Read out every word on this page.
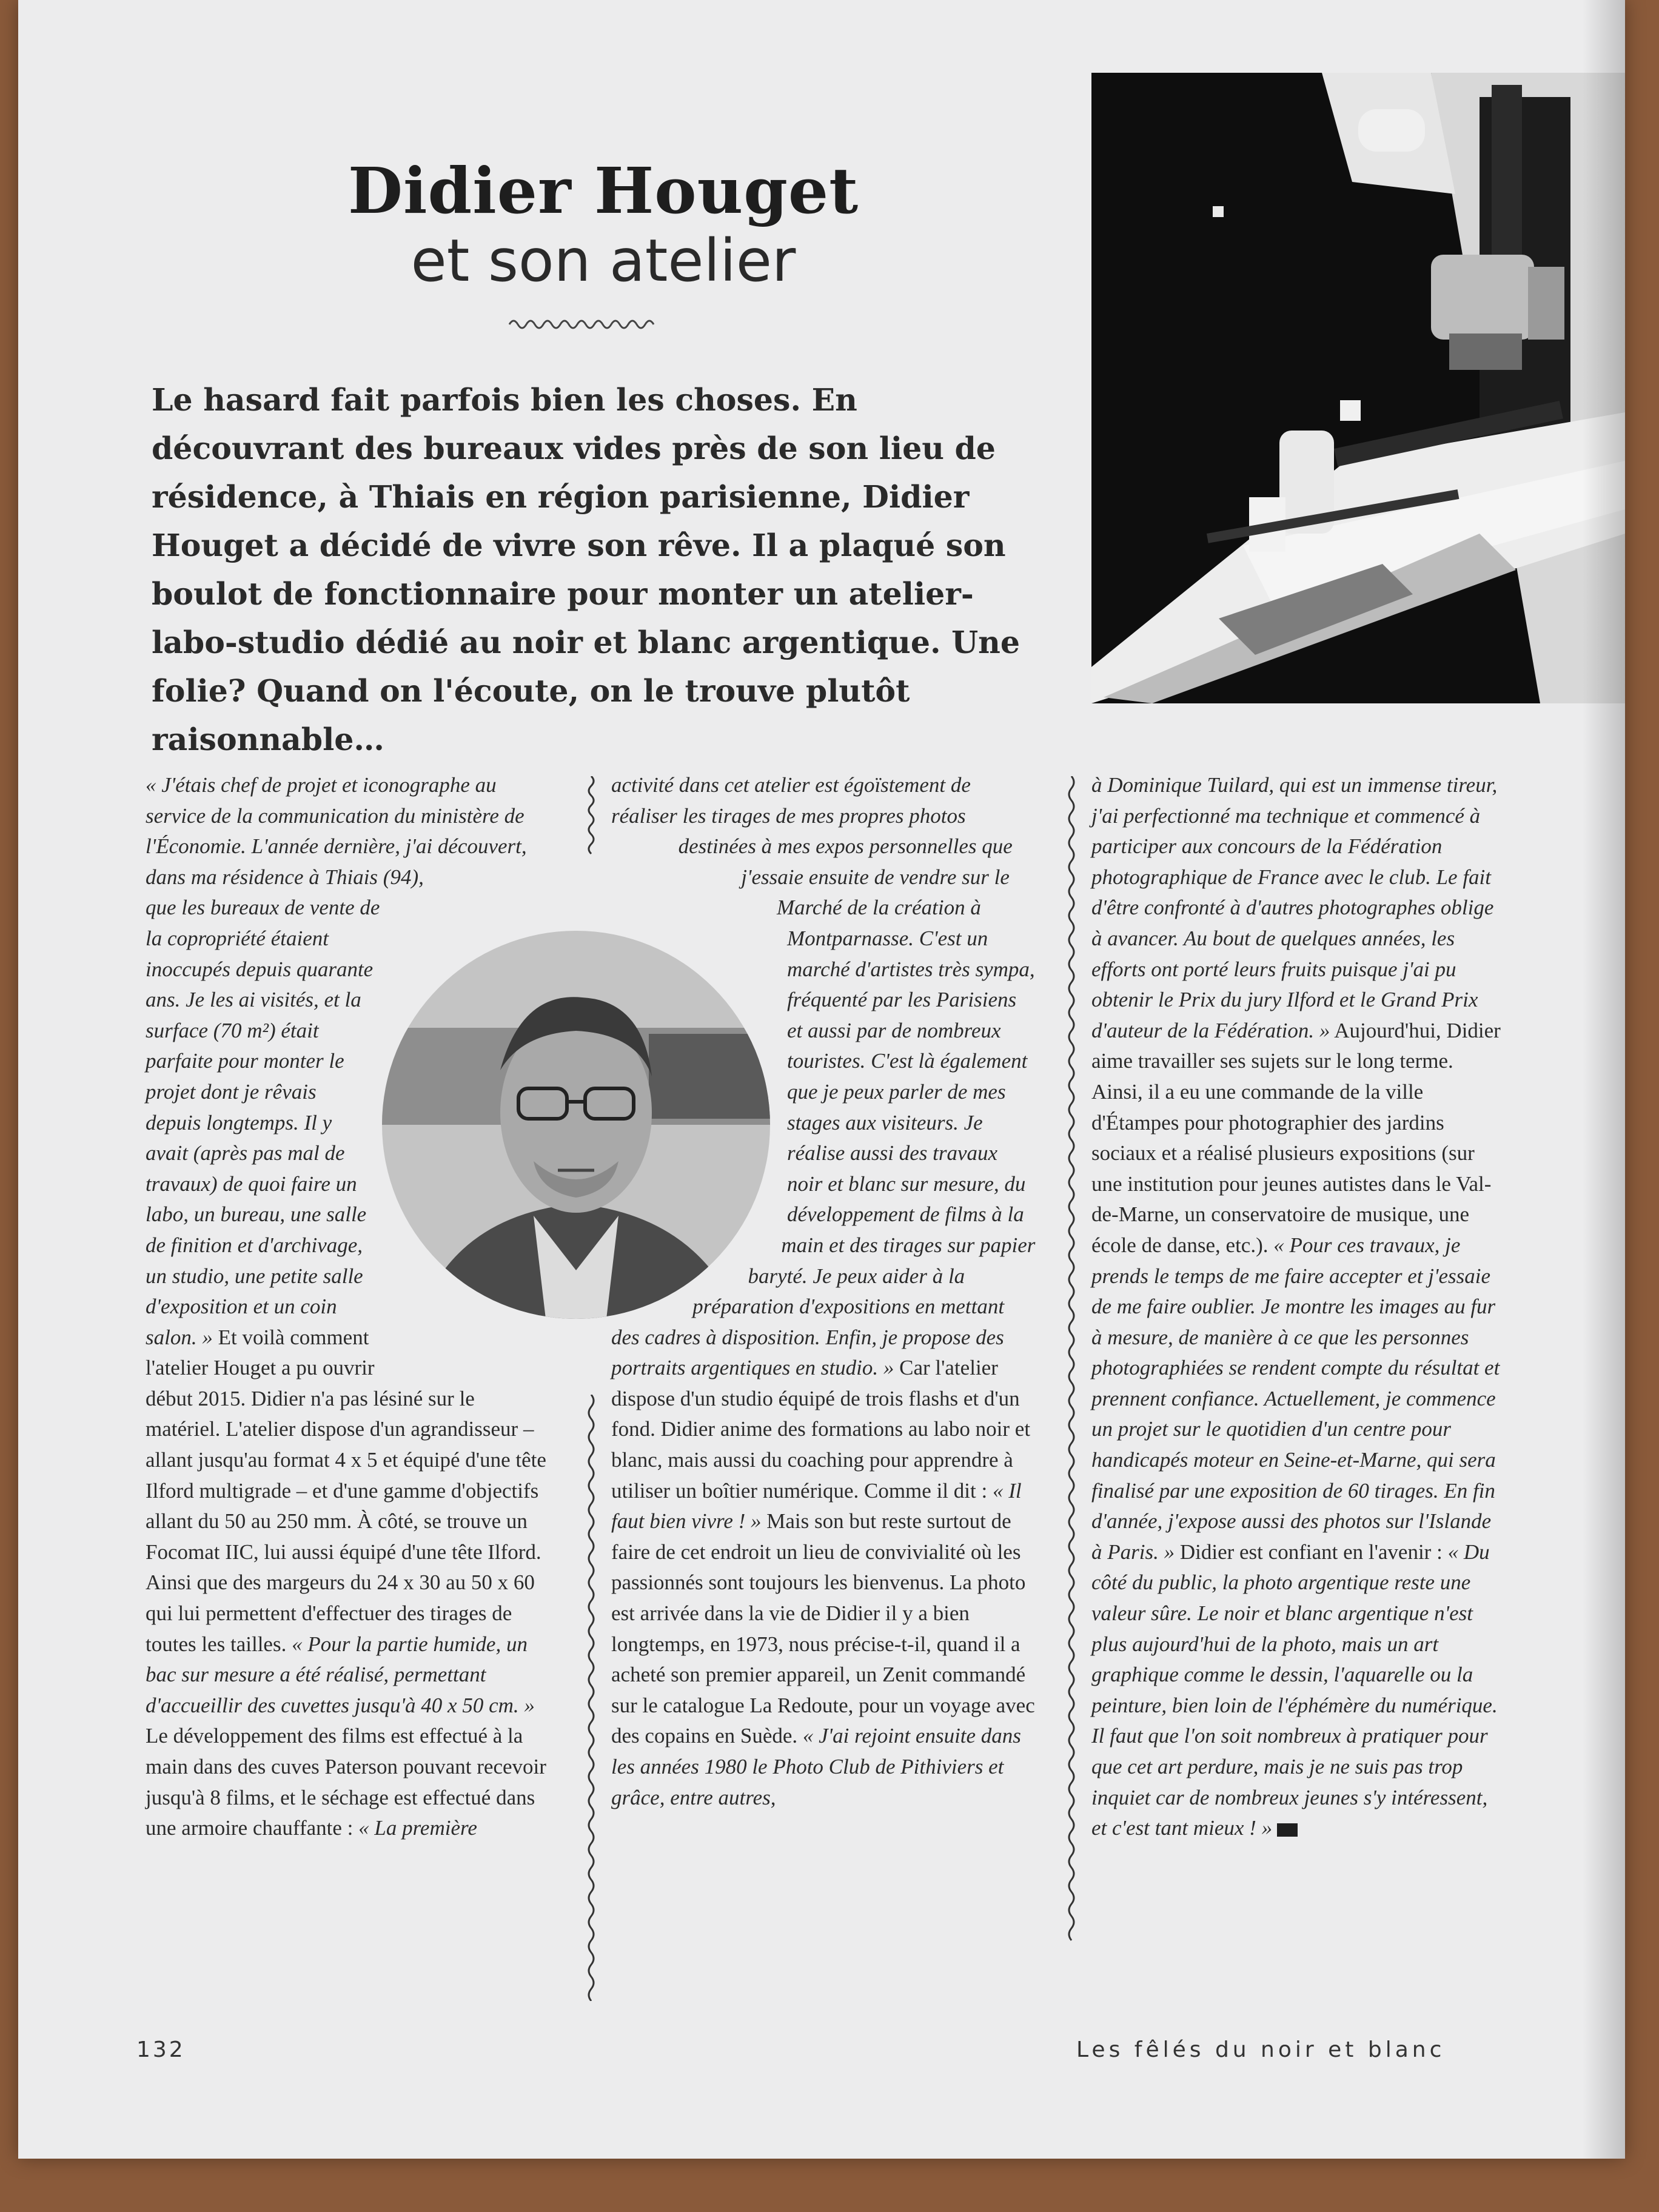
Didier Houget
et son atelier
Le hasard fait parfois bien les choses. En découvrant des bureaux vides près de son lieu de résidence, à Thiais en région parisienne, Didier Houget a décidé de vivre son rêve. Il a plaqué son boulot de fonctionnaire pour monter un atelier-labo-studio dédié au noir et blanc argentique. Une folie? Quand on l'écoute, on le trouve plutôt raisonnable…

« J'étais chef de projet et iconographe au service de la communication du ministère de l'Économie. L'année dernière, j'ai découvert, dans ma résidence à Thiais (94), que les bureaux de vente de la copropriété étaient inoccupés depuis quarante ans. Je les ai visités, et la surface (70 m²) était parfaite pour monter le projet dont je rêvais depuis longtemps. Il y avait (après pas mal de travaux) de quoi faire un labo, un bureau, une salle de finition et d'archivage, un studio, une petite salle d'exposition et un coin salon. » Et voilà comment l'atelier Houget a pu ouvrir début 2015. Didier n'a pas lésiné sur le matériel. L'atelier dispose d'un agrandisseur – allant jusqu'au format 4 x 5 et équipé d'une tête Ilford multigrade – et d'une gamme d'objectifs allant du 50 au 250 mm. À côté, se trouve un Focomat IIC, lui aussi équipé d'une tête Ilford. Ainsi que des margeurs du 24 x 30 au 50 x 60 qui lui permettent d'effectuer des tirages de toutes les tailles. « Pour la partie humide, un bac sur mesure a été réalisé, permettant d'accueillir des cuvettes jusqu'à 40 x 50 cm. » Le développement des films est effectué à la main dans des cuves Paterson pouvant recevoir jusqu'à 8 films, et le séchage est effectué dans une armoire chauffante : « La première

activité dans cet atelier est égoïstement de réaliser les tirages de mes propres photos destinées à mes expos personnelles que j'essaie ensuite de vendre sur le Marché de la création à Montparnasse. C'est un marché d'artistes très sympa, fréquenté par les Parisiens et aussi par de nombreux touristes. C'est là également que je peux parler de mes stages aux visiteurs. Je réalise aussi des travaux noir et blanc sur mesure, du développement de films à la main et des tirages sur papier baryté. Je peux aider à la préparation d'expositions en mettant des cadres à disposition. Enfin, je propose des portraits argentiques en studio. » Car l'atelier dispose d'un studio équipé de trois flashs et d'un fond. Didier anime des formations au labo noir et blanc, mais aussi du coaching pour apprendre à utiliser un boîtier numérique. Comme il dit : « Il faut bien vivre ! » Mais son but reste surtout de faire de cet endroit un lieu de convivialité où les passionnés sont toujours les bienvenus. La photo est arrivée dans la vie de Didier il y a bien longtemps, en 1973, nous précise-t-il, quand il a acheté son premier appareil, un Zenit commandé sur le catalogue La Redoute, pour un voyage avec des copains en Suède. « J'ai rejoint ensuite dans les années 1980 le Photo Club de Pithiviers et grâce, entre autres,

à Dominique Tuilard, qui est un immense tireur, j'ai perfectionné ma technique et commencé à participer aux concours de la Fédération photographique de France avec le club. Le fait d'être confronté à d'autres photographes oblige à avancer. Au bout de quelques années, les efforts ont porté leurs fruits puisque j'ai pu obtenir le Prix du jury Ilford et le Grand Prix d'auteur de la Fédération. » Aujourd'hui, Didier aime travailler ses sujets sur le long terme. Ainsi, il a eu une commande de la ville d'Étampes pour photographier des jardins sociaux et a réalisé plusieurs expositions (sur une institution pour jeunes autistes dans le Val-de-Marne, un conservatoire de musique, une école de danse, etc.). « Pour ces travaux, je prends le temps de me faire accepter et j'essaie de me faire oublier. Je montre les images au fur à mesure, de manière à ce que les personnes photographiées se rendent compte du résultat et prennent confiance. Actuellement, je commence un projet sur le quotidien d'un centre pour handicapés moteur en Seine-et-Marne, qui sera finalisé par une exposition de 60 tirages. En fin d'année, j'expose aussi des photos sur l'Islande à Paris. » Didier est confiant en l'avenir : « Du côté du public, la photo argentique reste une valeur sûre. Le noir et blanc argentique n'est plus aujourd'hui de la photo, mais un art graphique comme le dessin, l'aquarelle ou la peinture, bien loin de l'éphémère du numérique. Il faut que l'on soit nombreux à pratiquer pour que cet art perdure, mais je ne suis pas trop inquiet car de nombreux jeunes s'y intéressent, et c'est tant mieux ! »

132	Les fêlés du noir et blanc
